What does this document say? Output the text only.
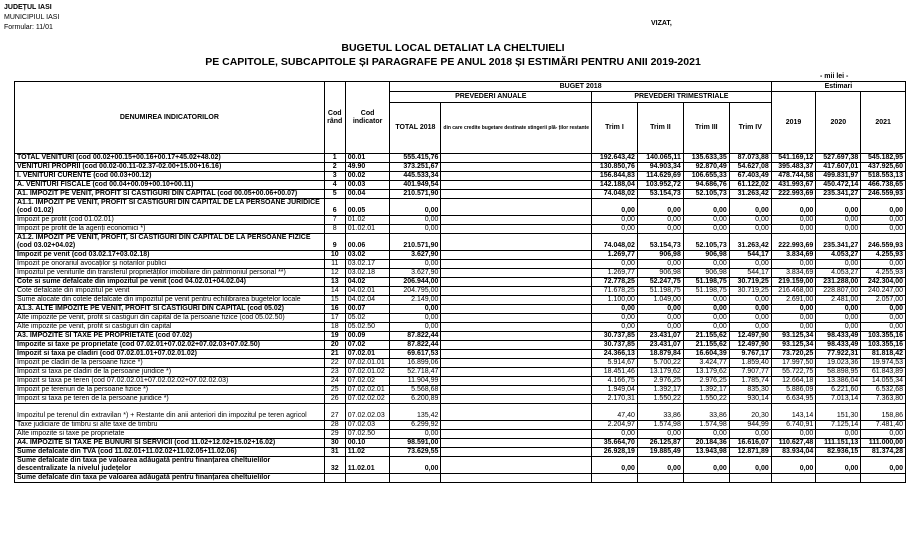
JUDEȚUL IASI
MUNICIPIUL IASI
Formular: 11/01
VIZAT,
BUGETUL LOCAL DETALIAT LA CHELTUIELI
PE CAPITOLE, SUBCAPITOLE ȘI PARAGRAFE PE ANUL 2018 ȘI ESTIMĂRI PENTRU ANII 2019-2021
- mii lei -
DENUMIREA INDICATORILOR	Cod rând	Cod indicator	BUGET 2018						Estimari		
			PREVEDERI ANUALE		PREVEDERI TRIMESTRIALE				2019	2020	2021
			TOTAL 2018	din care credite bugetare destinate stingerii plă- ților restante	Trim I	Trim II	Trim III	Trim IV			
TOTAL VENITURI (cod 00.02+00.15+00.16+00.17+45.02+48.02)	1	00.01	555.415,76		192.643,42	140.065,11	135.633,35	87.073,88	541.169,12	527.697,38	545.182,95
VENITURI PROPRII (cod 00.02-00.11-02.37-02.00+15.00+16.16)	2	49.90	373.251,67		130.850,76	94.903,34	92.870,49	54.627,08	395.483,37	417.607,01	437.925,60
I. VENITURI CURENTE (cod 00.03+00.12)	3	00.02	445.533,34		156.844,83	114.629,69	106.655,33	67.403,49	478.744,58	499.831,97	518.553,13
A. VENITURI FISCALE (cod 00.04+00.09+00.10+00.11)	4	00.03	401.949,54		142.188,04	103.952,72	94.686,76	61.122,02	431.993,67	450.472,14	466.738,65
A1. IMPOZIT PE VENIT, PROFIT SI CASTIGURI DIN CAPITAL (cod 00.05+00.06+00.07)	5	00.04	210.571,90		74.048,02	53.154,73	52.105,73	31.263,42	222.993,69	235.341,27	246.559,93
A1.1. IMPOZIT PE VENIT, PROFIT SI CASTIGURI DIN CAPITAL DE LA PERSOANE JURIDICE (cod 01.02)	6	00.05	0,00		0,00	0,00	0,00	0,00	0,00	0,00	0,00
Impozit pe profit (cod 01.02.01)	7	01.02	0,00		0,00	0,00	0,00	0,00	0,00	0,00	0,00
Impozit pe profit de la agenți economici *)	8	01.02.01	0,00		0,00	0,00	0,00	0,00	0,00	0,00	0,00
A1.2. IMPOZIT PE VENIT, PROFIT, SI CASTIGURI DIN CAPITAL DE LA PERSOANE FIZICE (cod 03.02+04.02)	9	00.06	210.571,90		74.048,02	53.154,73	52.105,73	31.263,42	222.993,69	235.341,27	246.559,93
Impozit pe venit (cod 03.02.17+03.02.18)	10	03.02	3.627,90		1.269,77	906,98	906,98	544,17	3.834,69	4.053,27	4.255,93
Impozit pe onorariul avocaților și notarilor publici	11	03.02.17	0,00		0,00	0,00	0,00	0,00	0,00	0,00	0,00
Impozitul pe veniturile din transferul proprietăților imobiliare din patrimoniul personal **)	12	03.02.18	3.627,90		1.269,77	906,98	906,98	544,17	3.834,69	4.053,27	4.255,93
Cote si sume defalcate din impozitul pe venit (cod 04.02.01+04.02.04)	13	04.02	206.944,00		72.778,25	52.247,75	51.198,75	30.719,25	219.159,00	231.288,00	242.304,00
Cote defalcate din impozitul pe venit	14	04.02.01	204.795,00		71.678,25	51.198,75	51.198,75	30.719,25	216.468,00	228.807,00	240.247,00
Sume alocate din cotele defalcate din impozitul pe venit pentru echilibrarea bugetelor locale	15	04.02.04	2.149,00		1.100,00	1.049,00	0,00	0,00	2.691,00	2.481,00	2.057,00
A1.3. ALTE IMPOZITE PE VENIT, PROFIT SI CASTIGURI DIN CAPITAL (cod 05.02)	16	00.07	0,00		0,00	0,00	0,00	0,00	0,00	0,00	0,00
Alte impozite pe venit, profit si castiguri din capital de la persoane fizice (cod 05.02.50)	17	05.02	0,00		0,00	0,00	0,00	0,00	0,00	0,00	0,00
Alte impozite pe venit, profit si castiguri din capital	18	05.02.50	0,00		0,00	0,00	0,00	0,00	0,00	0,00	0,00
A3. IMPOZITE SI TAXE PE PROPRIETATE (cod 07.02)	19	00.09	87.822,44		30.737,85	23.431,07	21.155,62	12.497,90	93.125,34	98.433,49	103.355,16
Impozite si taxe pe proprietate (cod 07.02.01+07.02.02+07.02.03+07.02.50)	20	07.02	87.822,44		30.737,85	23.431,07	21.155,62	12.497,90	93.125,34	98.433,49	103.355,16
Impozit si taxa pe cladiri (cod 07.02.01.01+07.02.01.02)	21	07.02.01	69.617,53		24.366,13	18.879,84	16.604,39	9.767,17	73.720,25	77.922,31	81.818,42
Impozit pe cladiri de la persoane fizice *)	22	07.02.01.01	16.899,06		5.914,67	5.700,22	3.424,77	1.859,40	17.997,50	19.023,36	19.974,53
Impozit si taxa pe cladiri de la persoane juridice *)	23	07.02.01.02	52.718,47		18.451,46	13.179,62	13.179,62	7.907,77	55.722,75	58.898,95	61.843,89
Impozit si taxa pe teren (cod 07.02.02.01+07.02.02.02+07.02.02.03)	24	07.02.02	11.904,99		4.166,75	2.976,25	2.976,25	1.785,74	12.664,18	13.386,04	14.055,34
Impozit pe terenuri de la persoane fizice *)	25	07.02.02.01	5.568,68		1.949,04	1.392,17	1.392,17	835,30	5.886,09	6.221,60	6.532,68
Impozit si taxa pe teren de la persoane juridice *)	26	07.02.02.02	6.200,89		2.170,31	1.550,22	1.550,22	930,14	6.634,95	7.013,14	7.363,80
Impozitul pe terenul din extravilan *) + Restante din anii anteriori din impozitul pe teren agricol	27	07.02.02.03	135,42		47,40	33,86	33,86	20,30	143,14	151,30	158,86
Taxe judiciare de timbru si alte taxe de timbru	28	07.02.03	6.299,92		2.204,97	1.574,98	1.574,98	944,99	6.740,91	7.125,14	7.481,40
Alte impozite si taxe pe proprietate	29	07.02.50	0,00		0,00	0,00	0,00	0,00	0,00	0,00	0,00
A4. IMPOZITE SI TAXE PE BUNURI SI SERVICII (cod 11.02+12.02+15.02+16.02)	30	00.10	98.591,00		35.664,70	26.125,87	20.184,36	16.616,07	110.627,48	111.151,13	111.000,00
Sume defalcate din TVA (cod 11.02.01+11.02.02+11.02.05+11.02.06)	31	11.02	73.629,55		26.928,19	19.885,49	13.943,98	12.871,89	83.934,04	82.936,15	81.374,28
Sume defalcate din taxa pe valoarea adăugată pentru finanțarea cheltuielilor descentralizate la nivelul județelor	32	11.02.01	0,00		0,00	0,00	0,00	0,00	0,00	0,00	0,00
Sume defalcate din taxa pe valoarea adăugată pentru finanțarea cheltuielilor											
